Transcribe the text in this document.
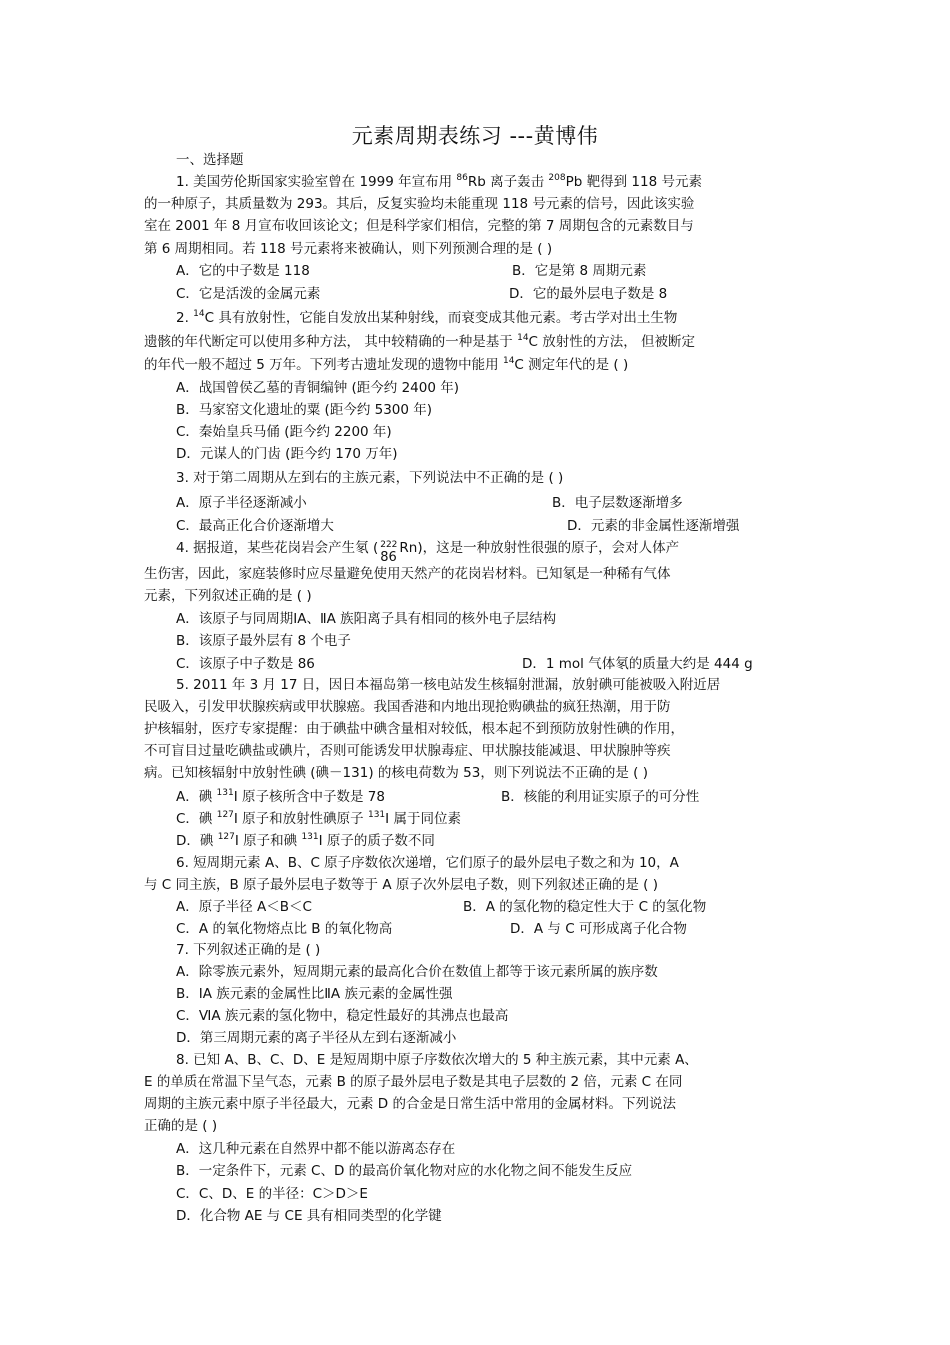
元素周期表练习 ---黄博伟
一、选择题
1. 美国劳伦斯国家实验室曾在 1999 年宣布用 $^{86}$Rb 离子轰击 $^{208}$Pb 靶得到 118 号元素
的一种原子，其质量数为 293。其后，反复实验均未能重现 118 号元素的信号，因此该实验
室在 2001 年 8 月宣布收回该论文；但是科学家们相信，完整的第 7 周期包含的元素数目与
第 6 周期相同。若 118 号元素将来被确认，则下列预测合理的是 ( )
A．它的中子数是 118	B．它是第 8 周期元素
C．它是活泼的金属元素	D．它的最外层电子数是 8
2. $^{14}$C 具有放射性，它能自发放出某种射线，而衰变成其他元素。考古学对出土生物
遗骸的年代断定可以使用多种方法， 其中较精确的一种是基于 $^{14}$C 放射性的方法， 但被断定
的年代一般不超过 5 万年。下列考古遗址发现的遗物中能用 $^{14}$C 测定年代的是 ( )
A．战国曾侯乙墓的青铜编钟 (距今约 2400 年)
B．马家窑文化遗址的粟 (距今约 5300 年)
C．秦始皇兵马俑 (距今约 2200 年)
D．元谋人的门齿 (距今约 170 万年)
3. 对于第二周期从左到右的主族元素，下列说法中不正确的是 ( )
A．原子半径逐渐减小	B．电子层数逐渐增多
C．最高正化合价逐渐增大	D．元素的非金属性逐渐增强
4. 据报道，某些花岗岩会产生氡 ( 222
86
Rn)，这是一种放射性很强的原子，会对人体产
生伤害，因此，家庭装修时应尽量避免使用天然产的花岗岩材料。已知氡是一种稀有气体
元素，下列叙述正确的是 ( )
A．该原子与同周期ⅠA、ⅡA 族阳离子具有相同的核外电子层结构
B．该原子最外层有 8 个电子
C．该原子中子数是 86	D．1 mol 气体氡的质量大约是 444 g
5. 2011 年 3 月 17 日，因日本福岛第一核电站发生核辐射泄漏，放射碘可能被吸入附近居
民吸入，引发甲状腺疾病或甲状腺癌。我国香港和内地出现抢购碘盐的疯狂热潮，用于防
护核辐射，医疗专家提醒：由于碘盐中碘含量相对较低，根本起不到预防放射性碘的作用，
不可盲目过量吃碘盐或碘片，否则可能诱发甲状腺毒症、甲状腺技能减退、甲状腺肿等疾
病。已知核辐射中放射性碘 (碘－131) 的核电荷数为 53，则下列说法不正确的是 ( )
A．碘 $^{131}$I 原子核所含中子数是 78	B．核能的利用证实原子的可分性
C．碘 $^{127}$I 原子和放射性碘原子 $^{131}$I 属于同位素
D．碘 $^{127}$I 原子和碘 $^{131}$I 原子的质子数不同
6. 短周期元素 A、B、C 原子序数依次递增，它们原子的最外层电子数之和为 10，A
与 C 同主族，B 原子最外层电子数等于 A 原子次外层电子数，则下列叙述正确的是 ( )
A．原子半径 A＜B＜C	B．A 的氢化物的稳定性大于 C 的氢化物
C．A 的氧化物熔点比 B 的氧化物高	D．A 与 C 可形成离子化合物
7. 下列叙述正确的是 ( )
A．除零族元素外，短周期元素的最高化合价在数值上都等于该元素所属的族序数
B．ⅠA 族元素的金属性比ⅡA 族元素的金属性强
C．ⅥA 族元素的氢化物中，稳定性最好的其沸点也最高
D．第三周期元素的离子半径从左到右逐渐减小
8. 已知 A、B、C、D、E 是短周期中原子序数依次增大的 5 种主族元素，其中元素 A、
E 的单质在常温下呈气态，元素 B 的原子最外层电子数是其电子层数的 2 倍，元素 C 在同
周期的主族元素中原子半径最大，元素 D 的合金是日常生活中常用的金属材料。下列说法
正确的是 ( )
A．这几种元素在自然界中都不能以游离态存在
B．一定条件下，元素 C、D 的最高价氧化物对应的水化物之间不能发生反应
C．C、D、E 的半径：C＞D＞E
D．化合物 AE 与 CE 具有相同类型的化学键
